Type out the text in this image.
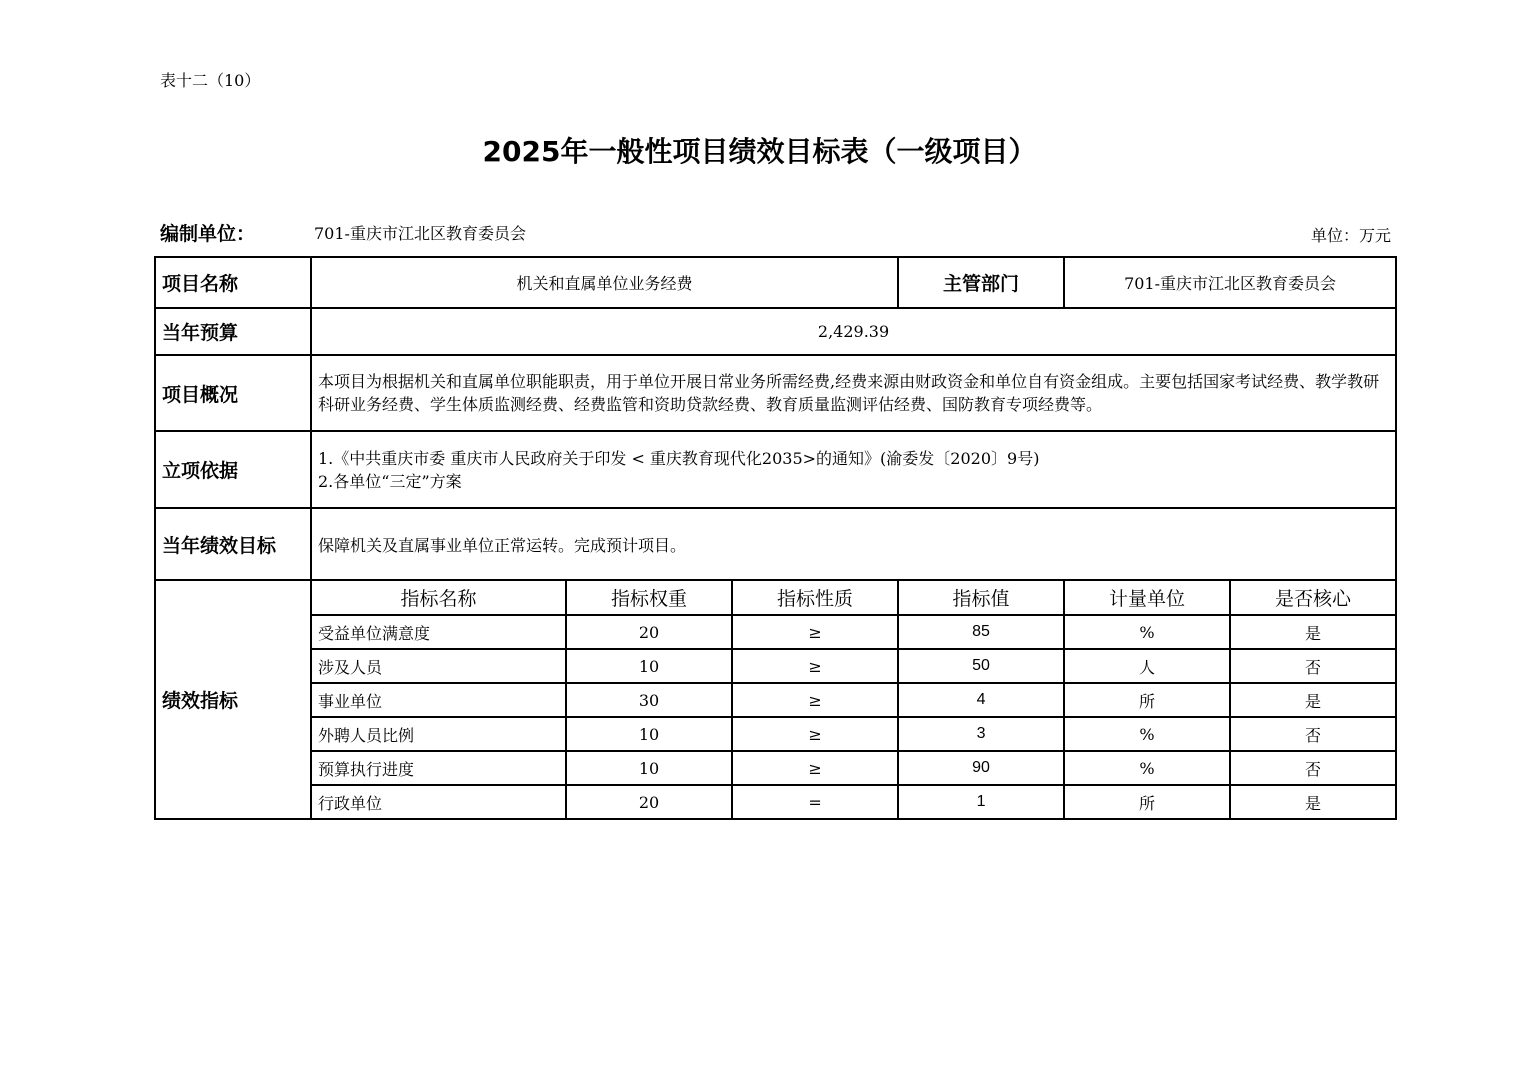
表十二（10）
2025年一般性项目绩效目标表（一级项目）
编制单位：	701-重庆市江北区教育委员会	单位：万元
项目名称	机关和直属单位业务经费			主管部门	701-重庆市江北区教育委员会	
当年预算	2,429.39					
项目概况	本项目为根据机关和直属单位职能职责，用于单位开展日常业务所需经费,经费来源由财政资金和单位自有资金组成。主要包括国家考试经费、教学教研科研业务经费、学生体质监测经费、经费监管和资助贷款经费、教育质量监测评估经费、国防教育专项经费等。					
立项依据	1.《中共重庆市委 重庆市人民政府关于印发 < 重庆教育现代化2035>的通知》(渝委发〔2020〕9号)
2.各单位“三定”方案					

当年绩效目标	保障机关及直属事业单位正常运转。完成预计项目。					
绩效指标	指标名称	指标权重	指标性质	指标值	计量单位	是否核心
	受益单位满意度	20	≥	85	%	是
	涉及人员	10	≥	50	人	否
	事业单位	30	≥	4	所	是
	外聘人员比例	10	≥	3	%	否
	预算执行进度	10	≥	90	%	否
	行政单位	20	=	1	所	是
